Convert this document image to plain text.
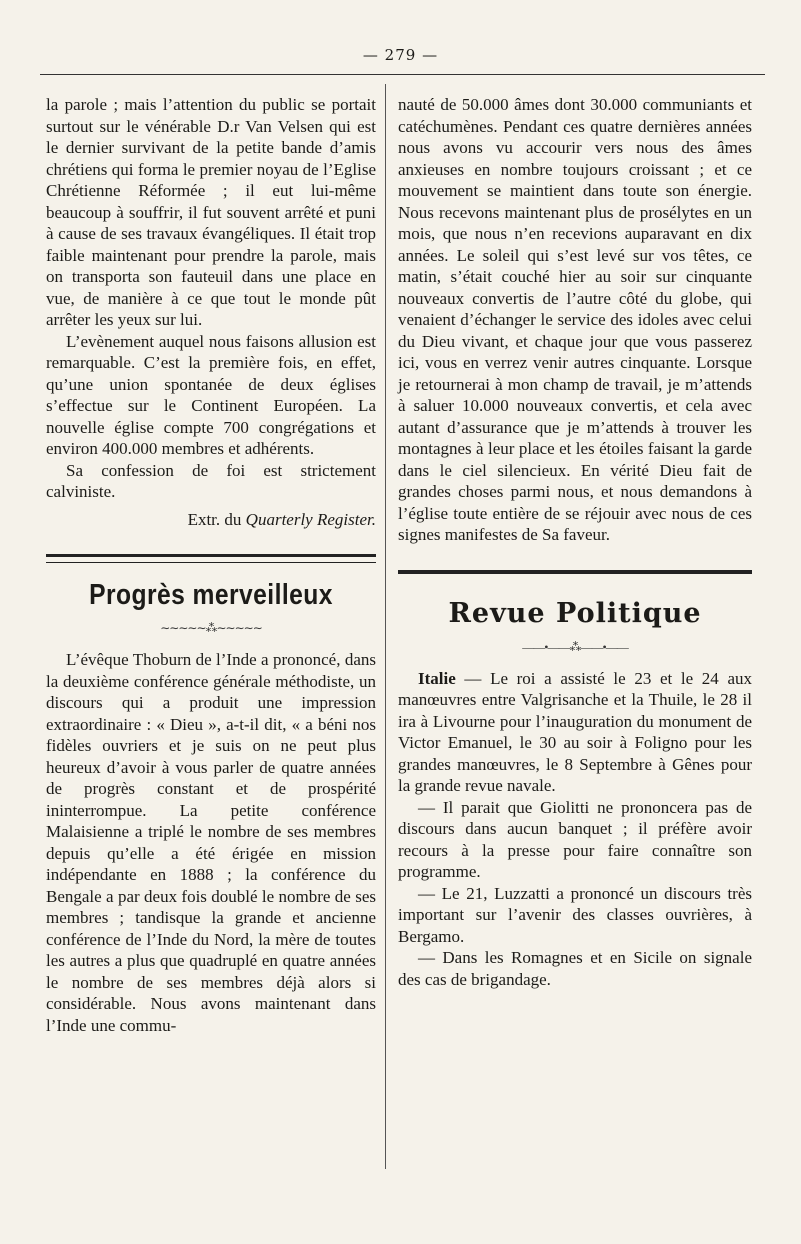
— 279 —

la parole ; mais l’attention du public se portait surtout sur le vénérable D.r Van Velsen qui est le dernier survivant de la petite bande d’amis chrétiens qui forma le premier noyau de l’Eglise Chrétienne Réformée ; il eut lui-même beaucoup à souffrir, il fut souvent arrêté et puni à cause de ses travaux évangéliques. Il était trop faible maintenant pour prendre la parole, mais on transporta son fauteuil dans une place en vue, de manière à ce que tout le monde pût arrêter les yeux sur lui.

L’evènement auquel nous faisons allusion est remarquable. C’est la première fois, en effet, qu’une union spontanée de deux églises s’effectue sur le Continent Européen. La nouvelle église compte 700 congrégations et environ 400.000 membres et adhérents.

Sa confession de foi est strictement calviniste.

Extr. du Quarterly Register.

Progrès merveilleux
∼∼∼∼∼⁂∼∼∼∼∼

L’évêque Thoburn de l’Inde a prononcé, dans la deuxième conférence générale méthodiste, un discours qui a produit une impression extraordinaire : « Dieu », a-t-il dit, « a béni nos fidèles ouvriers et je suis on ne peut plus heureux d’avoir à vous parler de quatre années de progrès constant et de prospérité ininterrompue. La petite conférence Malaisienne a triplé le nombre de ses membres depuis qu’elle a été érigée en mission indépendante en 1888 ; la conférence du Bengale a par deux fois doublé le nombre de ses membres ; tandisque la grande et ancienne conférence de l’Inde du Nord, la mère de toutes les autres a plus que quadruplé en quatre années le nombre de ses membres déjà alors si considérable. Nous avons maintenant dans l’Inde une commu-

nauté de 50.000 âmes dont 30.000 communiants et catéchumènes. Pendant ces quatre dernières années nous avons vu accourir vers nous des âmes anxieuses en nombre toujours croissant ; et ce mouvement se maintient dans toute son énergie. Nous recevons maintenant plus de prosélytes en un mois, que nous n’en recevions auparavant en dix années. Le soleil qui s’est levé sur vos têtes, ce matin, s’était couché hier au soir sur cinquante nouveaux convertis de l’autre côté du globe, qui venaient d’échanger le service des idoles avec celui du Dieu vivant, et chaque jour que vous passerez ici, vous en verrez venir autres cinquante. Lorsque je retournerai à mon champ de travail, je m’attends à saluer 10.000 nouveaux convertis, et cela avec autant d’assurance que je m’attends à trouver les montagnes à leur place et les étoiles faisant la garde dans le ciel silencieux. En vérité Dieu fait de grandes choses parmi nous, et nous demandons à l’église toute entière de se réjouir avec nous de ces signes manifestes de Sa faveur.

Revue Politique
——•——⁂——•——

Italie — Le roi a assisté le 23 et le 24 aux manœuvres entre Valgrisanche et la Thuile, le 28 il ira à Livourne pour l’inauguration du monument de Victor Emanuel, le 30 au soir à Foligno pour les grandes manœuvres, le 8 Septembre à Gênes pour la grande revue navale.

— Il parait que Giolitti ne prononcera pas de discours dans aucun banquet ; il préfère avoir recours à la presse pour faire connaître son programme.

— Le 21, Luzzatti a prononcé un discours très important sur l’avenir des classes ouvrières, à Bergamo.

— Dans les Romagnes et en Sicile on signale des cas de brigandage.
